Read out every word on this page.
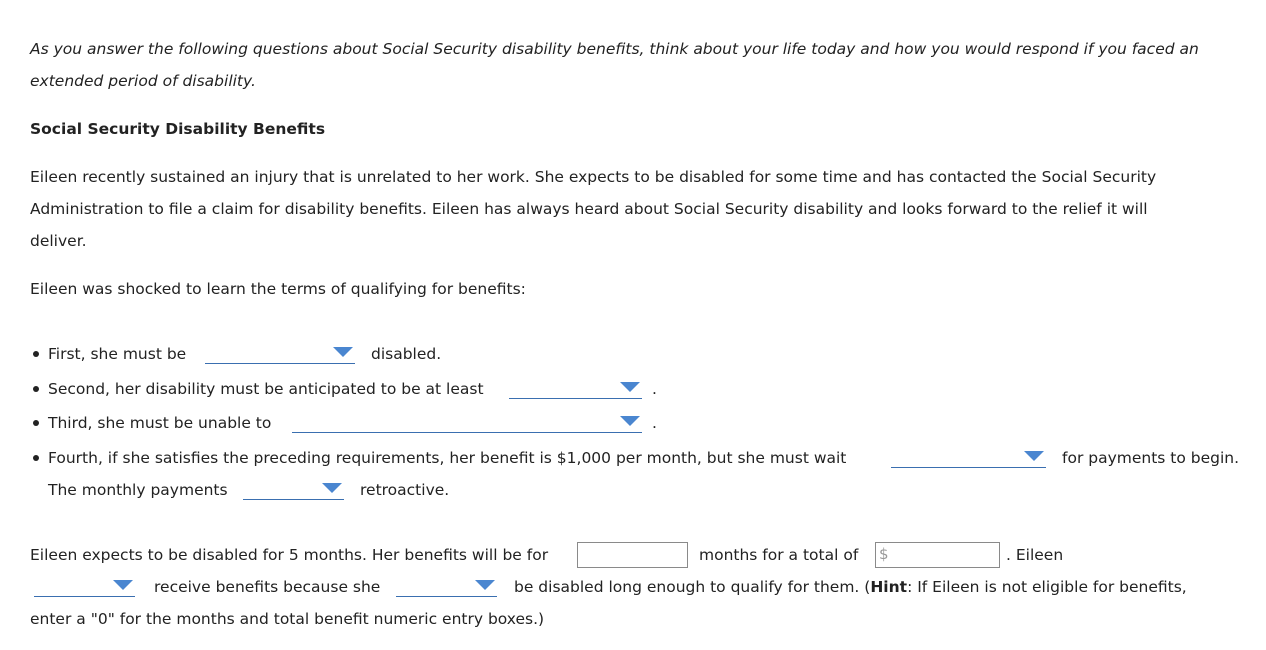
As you answer the following questions about Social Security disability benefits, think about your life today and how you would respond if you faced an
extended period of disability.
Social Security Disability Benefits
Eileen recently sustained an injury that is unrelated to her work. She expects to be disabled for some time and has contacted the Social Security
Administration to file a claim for disability benefits. Eileen has always heard about Social Security disability and looks forward to the relief it will
deliver.
Eileen was shocked to learn the terms of qualifying for benefits:
First, she must be	disabled.
Second, her disability must be anticipated to be at least	.
Third, she must be unable to	.
Fourth, if she satisfies the preceding requirements, her benefit is $1,000 per month, but she must wait	for payments to begin.
The monthly payments	retroactive.
Eileen expects to be disabled for 5 months. Her benefits will be for	months for a total of $	. Eileen
receive benefits because she	be disabled long enough to qualify for them. (Hint: If Eileen is not eligible for benefits,
enter a "0" for the months and total benefit numeric entry boxes.)
